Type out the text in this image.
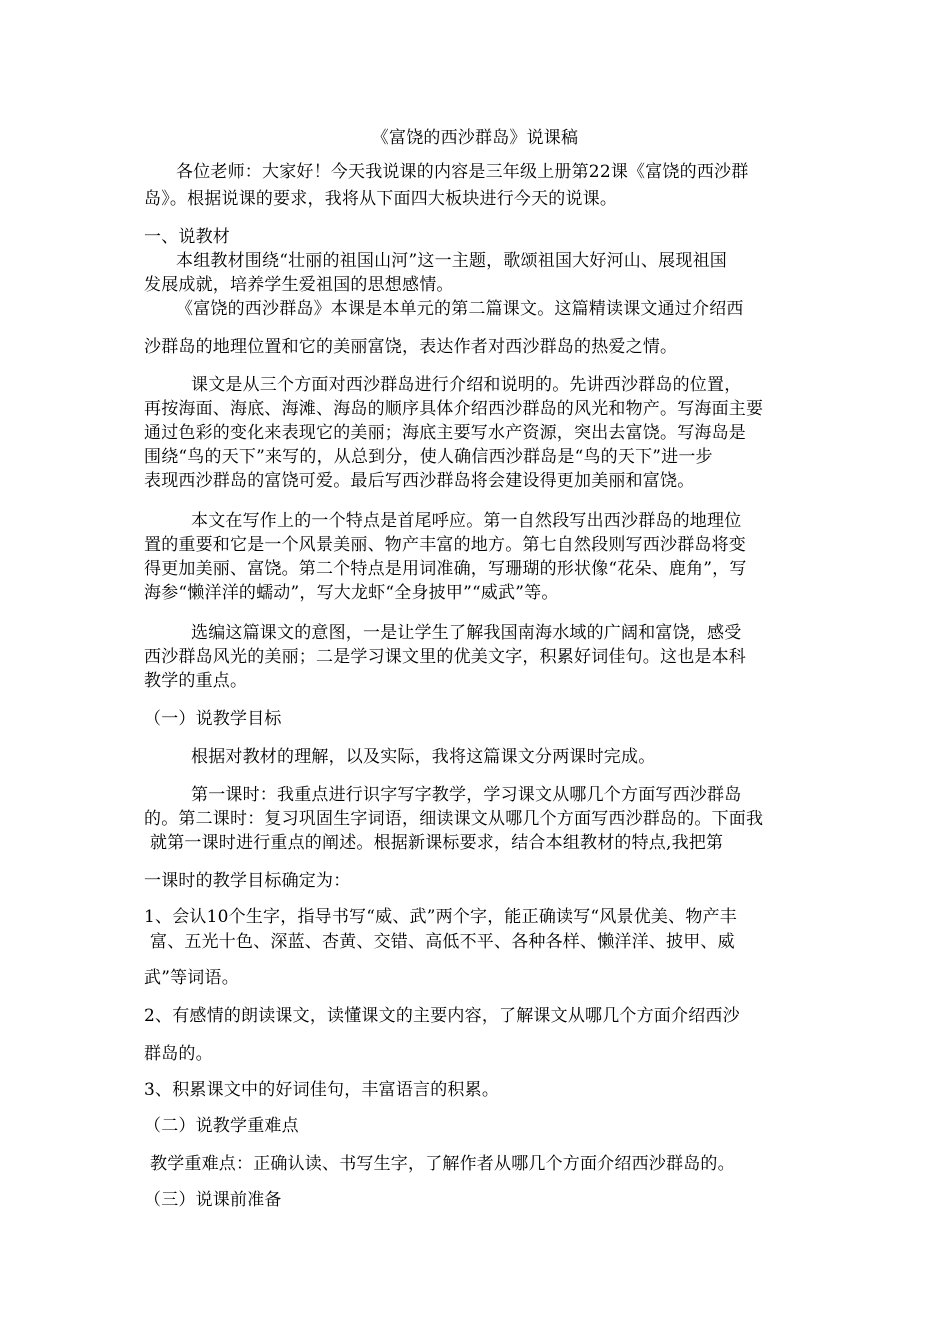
《富饶的西沙群岛》说课稿
各位老师：大家好！今天我说课的内容是三年级上册第22课《富饶的西沙群
岛》。根据说课的要求，我将从下面四大板块进行今天的说课。
一、说教材
本组教材围绕“壮丽的祖国山河”这一主题，歌颂祖国大好河山、展现祖国
发展成就，培养学生爱祖国的思想感情。
《富饶的西沙群岛》本课是本单元的第二篇课文。这篇精读课文通过介绍西
沙群岛的地理位置和它的美丽富饶，表达作者对西沙群岛的热爱之情。
课文是从三个方面对西沙群岛进行介绍和说明的。先讲西沙群岛的位置，
再按海面、海底、海滩、海岛的顺序具体介绍西沙群岛的风光和物产。写海面主要
通过色彩的变化来表现它的美丽；海底主要写水产资源，突出去富饶。写海岛是
围绕“鸟的天下”来写的，从总到分，使人确信西沙群岛是“鸟的天下”进一步
表现西沙群岛的富饶可爱。最后写西沙群岛将会建设得更加美丽和富饶。
本文在写作上的一个特点是首尾呼应。第一自然段写出西沙群岛的地理位
置的重要和它是一个风景美丽、物产丰富的地方。第七自然段则写西沙群岛将变
得更加美丽、富饶。第二个特点是用词准确，写珊瑚的形状像“花朵、鹿角”，写
海参“懒洋洋的蠕动”，写大龙虾“全身披甲”“威武”等。
选编这篇课文的意图，一是让学生了解我国南海水域的广阔和富饶，感受
西沙群岛风光的美丽；二是学习课文里的优美文字，积累好词佳句。这也是本科
教学的重点。
（一）说教学目标
根据对教材的理解，以及实际，我将这篇课文分两课时完成。
第一课时：我重点进行识字写字教学，学习课文从哪几个方面写西沙群岛
的。第二课时：复习巩固生字词语，细读课文从哪几个方面写西沙群岛的。下面我
就第一课时进行重点的阐述。根据新课标要求，结合本组教材的特点,我把第
一课时的教学目标确定为：
1、会认10个生字，指导书写“威、武”两个字，能正确读写“风景优美、物产丰
富、五光十色、深蓝、杏黄、交错、高低不平、各种各样、懒洋洋、披甲、威
武”等词语。
2、有感情的朗读课文，读懂课文的主要内容，了解课文从哪几个方面介绍西沙
群岛的。
3、积累课文中的好词佳句，丰富语言的积累。
（二）说教学重难点
教学重难点：正确认读、书写生字，了解作者从哪几个方面介绍西沙群岛的。
（三）说课前准备
